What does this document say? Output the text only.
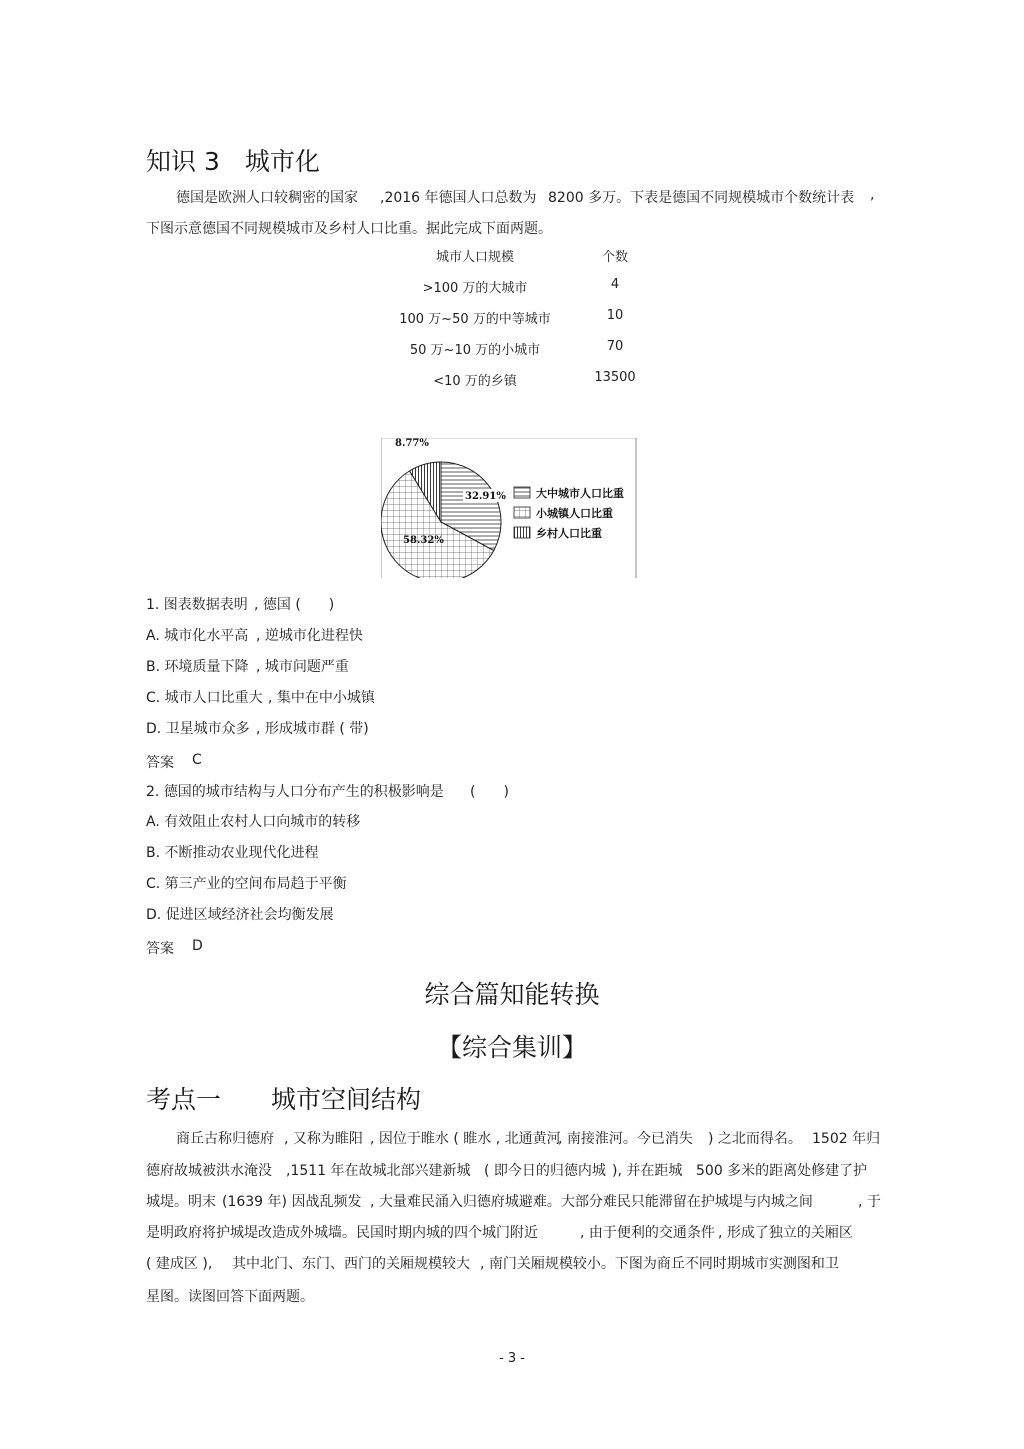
知识 3　城市化
德国是欧洲人口较稠密的国家 ,2016 年德国人口总数为 8200 多万。下表是德国不同规模城市个数统计表 ,
下图示意德国不同规模城市及乡村人口比重。据此完成下面两题。
城市人口规模	个数
>100 万的大城市	4
100 万~50 万的中等城市	10
50 万~10 万的小城市	70
<10 万的乡镇	13500
32.91%
58.32%
8.77%
大中城市人口比重
小城镇人口比重
乡村人口比重
1. 图表数据表明 , 德国 (　　)
A. 城市化水平高 , 逆城市化进程快
B. 环境质量下降 , 城市问题严重
C. 城市人口比重大 , 集中在中小城镇
D. 卫星城市众多 , 形成城市群 ( 带)
答案 C
2. 德国的城市结构与人口分布产生的积极影响是 (　　)
A. 有效阻止农村人口向城市的转移
B. 不断推动农业现代化进程
C. 第三产业的空间布局趋于平衡
D. 促进区域经济社会均衡发展
答案 D
综合篇知能转换
【综合集训】
考点一　　城市空间结构
商丘古称归德府 , 又称为睢阳 , 因位于睢水 ( 睢水 , 北通黄河
, 南接淮河。今已消失 ) 之北而得名。 1502 年归
德府故城被洪水淹没 ,1511 年在故城北部兴建新城 ( 即今日的归德内城 ), 并在距城 500 多米的距离处修建了护
城堤。明末 (1639 年) 因战乱频发 , 大量难民涌入归德府城避难。大部分难民只能滞留在护城堤与内城之间	, 于
是明政府将护城堤改造成外城墙。民国时期内城的四个城门附近	, 由于便利的交通条件 , 形成了独立的关厢区
( 建成区 ), 其中北门、东门、西门的关厢规模较大 , 南门关厢规模较小。下图为商丘不同时期城市实测图和卫
星图。读图回答下面两题。
- 3 -
